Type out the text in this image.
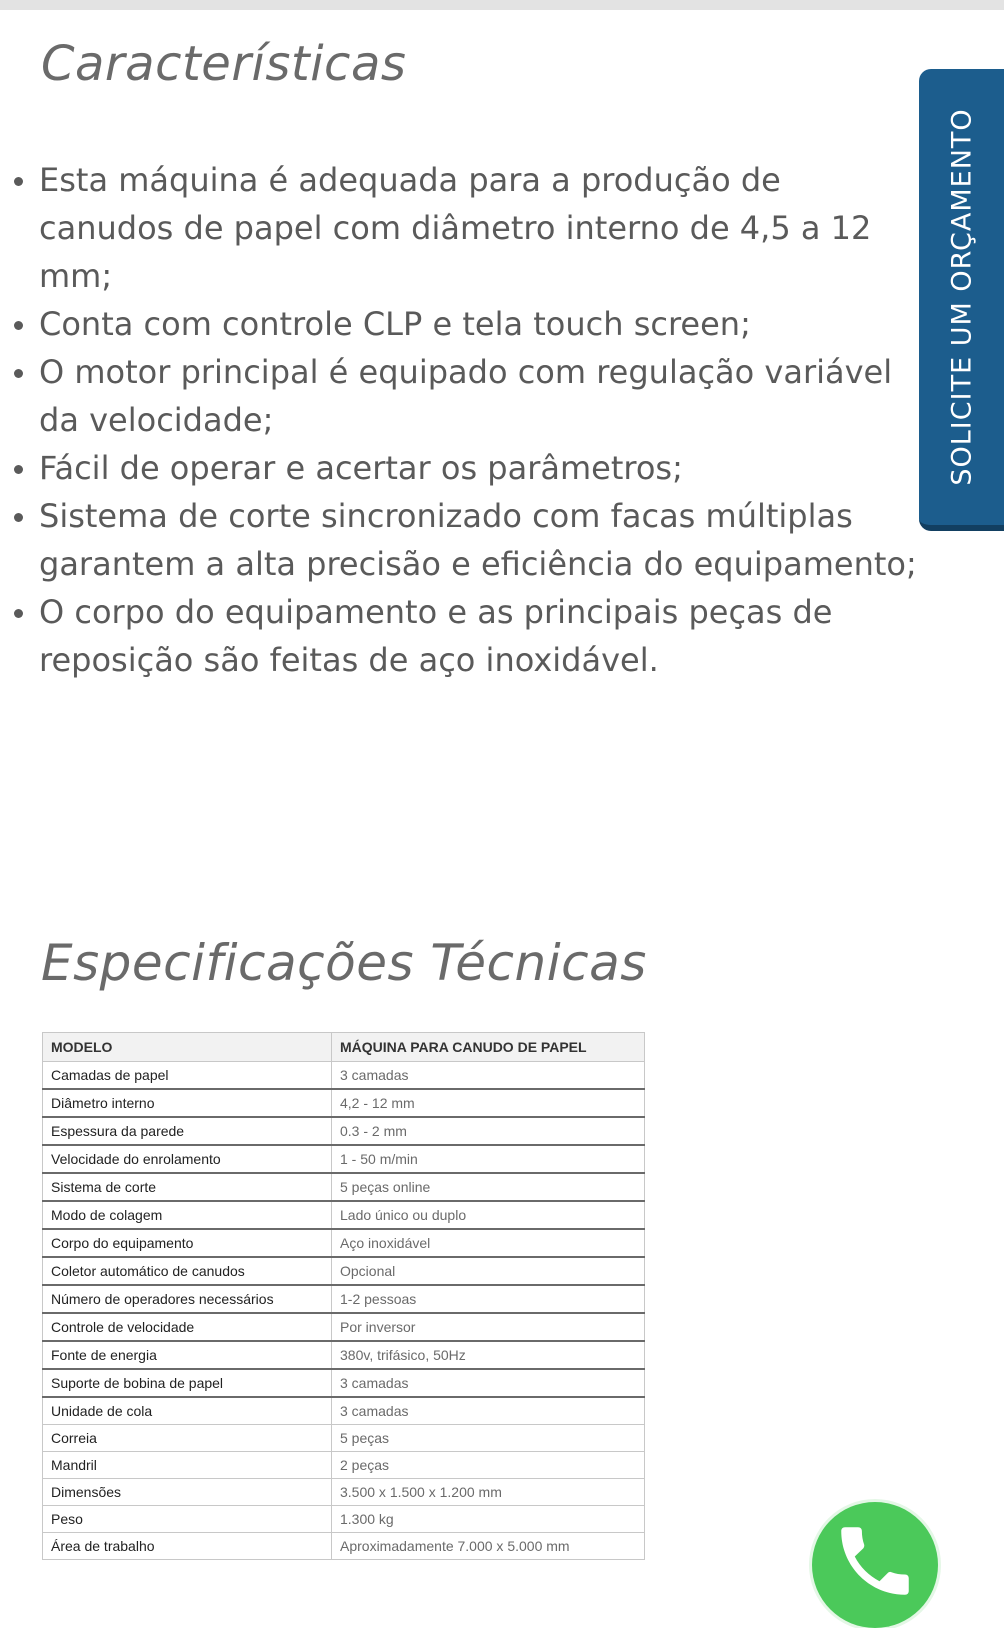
Características
Esta máquina é adequada para a produção de
canudos de papel com diâmetro interno de 4,5 a 12
mm;
Conta com controle CLP e tela touch screen;
O motor principal é equipado com regulação variável
da velocidade;
Fácil de operar e acertar os parâmetros;
Sistema de corte sincronizado com facas múltiplas
garantem a alta precisão e eficiência do equipamento;
O corpo do equipamento e as principais peças de
reposição são feitas de aço inoxidável.
SOLICITE UM ORÇAMENTO
Especificações Técnicas
MODELO	MÁQUINA PARA CANUDO DE PAPEL
Camadas de papel	3 camadas
Diâmetro interno	4,2 - 12 mm
Espessura da parede	0.3 - 2 mm
Velocidade do enrolamento	1 - 50 m/min
Sistema de corte	5 peças online
Modo de colagem	Lado único ou duplo
Corpo do equipamento	Aço inoxidável
Coletor automático de canudos	Opcional
Número de operadores necessários	1-2 pessoas
Controle de velocidade	Por inversor
Fonte de energia	380v, trifásico, 50Hz
Suporte de bobina de papel	3 camadas
Unidade de cola	3 camadas
Correia	5 peças
Mandril	2 peças
Dimensões	3.500 x 1.500 x 1.200 mm
Peso	1.300 kg
Área de trabalho	Aproximadamente 7.000 x 5.000 mm
